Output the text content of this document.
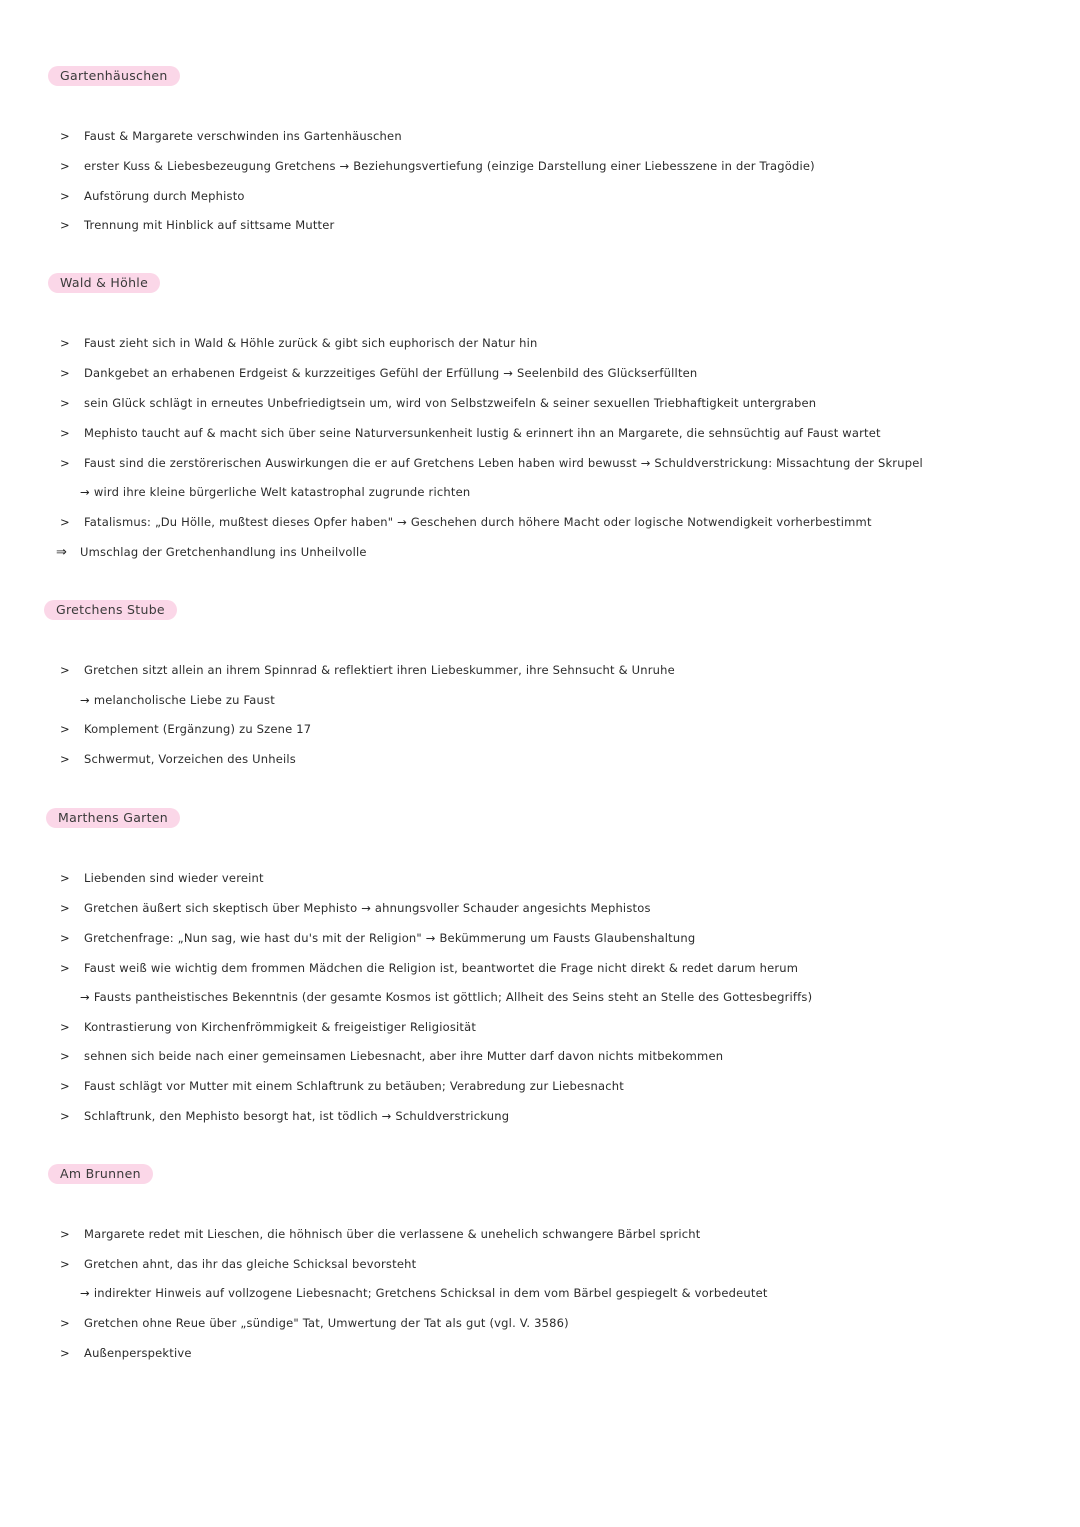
Gartenhäuschen
> Faust & Margarete verschwinden ins Gartenhäuschen
> erster Kuss & Liebesbezeugung Gretchens → Beziehungsvertiefung (einzige Darstellung einer Liebesszene in der Tragödie)
> Aufstörung durch Mephisto
> Trennung mit Hinblick auf sittsame Mutter
Wald & Höhle
> Faust zieht sich in Wald & Höhle zurück & gibt sich euphorisch der Natur hin
> Dankgebet an erhabenen Erdgeist & kurzzeitiges Gefühl der Erfüllung → Seelenbild des Glückserfüllten
> sein Glück schlägt in erneutes Unbefriedigtsein um, wird von Selbstzweifeln & seiner sexuellen Triebhaftigkeit untergraben
> Mephisto taucht auf & macht sich über seine Naturversunkenheit lustig & erinnert ihn an Margarete, die sehnsüchtig auf Faust wartet
> Faust sind die zerstörerischen Auswirkungen die er auf Gretchens Leben haben wird bewusst → Schuldverstrickung: Missachtung der Skrupel
→ wird ihre kleine bürgerliche Welt katastrophal zugrunde richten
> Fatalismus: „Du Hölle, mußtest dieses Opfer haben" → Geschehen durch höhere Macht oder logische Notwendigkeit vorherbestimmt
⇒ Umschlag der Gretchenhandlung ins Unheilvolle
Gretchens Stube
> Gretchen sitzt allein an ihrem Spinnrad & reflektiert ihren Liebeskummer, ihre Sehnsucht & Unruhe
→ melancholische Liebe zu Faust
> Komplement (Ergänzung) zu Szene 17
> Schwermut, Vorzeichen des Unheils
Marthens Garten
> Liebenden sind wieder vereint
> Gretchen äußert sich skeptisch über Mephisto → ahnungsvoller Schauder angesichts Mephistos
> Gretchenfrage: „Nun sag, wie hast du's mit der Religion" → Bekümmerung um Fausts Glaubenshaltung
> Faust weiß wie wichtig dem frommen Mädchen die Religion ist, beantwortet die Frage nicht direkt & redet darum herum
→ Fausts pantheistisches Bekenntnis (der gesamte Kosmos ist göttlich; Allheit des Seins steht an Stelle des Gottesbegriffs)
> Kontrastierung von Kirchenfrömmigkeit & freigeistiger Religiosität
> sehnen sich beide nach einer gemeinsamen Liebesnacht, aber ihre Mutter darf davon nichts mitbekommen
> Faust schlägt vor Mutter mit einem Schlaftrunk zu betäuben; Verabredung zur Liebesnacht
> Schlaftrunk, den Mephisto besorgt hat, ist tödlich → Schuldverstrickung
Am Brunnen
> Margarete redet mit Lieschen, die höhnisch über die verlassene & unehelich schwangere Bärbel spricht
> Gretchen ahnt, das ihr das gleiche Schicksal bevorsteht
→ indirekter Hinweis auf vollzogene Liebesnacht; Gretchens Schicksal in dem vom Bärbel gespiegelt & vorbedeutet
> Gretchen ohne Reue über „sündige" Tat, Umwertung der Tat als gut (vgl. V. 3586)
> Außenperspektive
